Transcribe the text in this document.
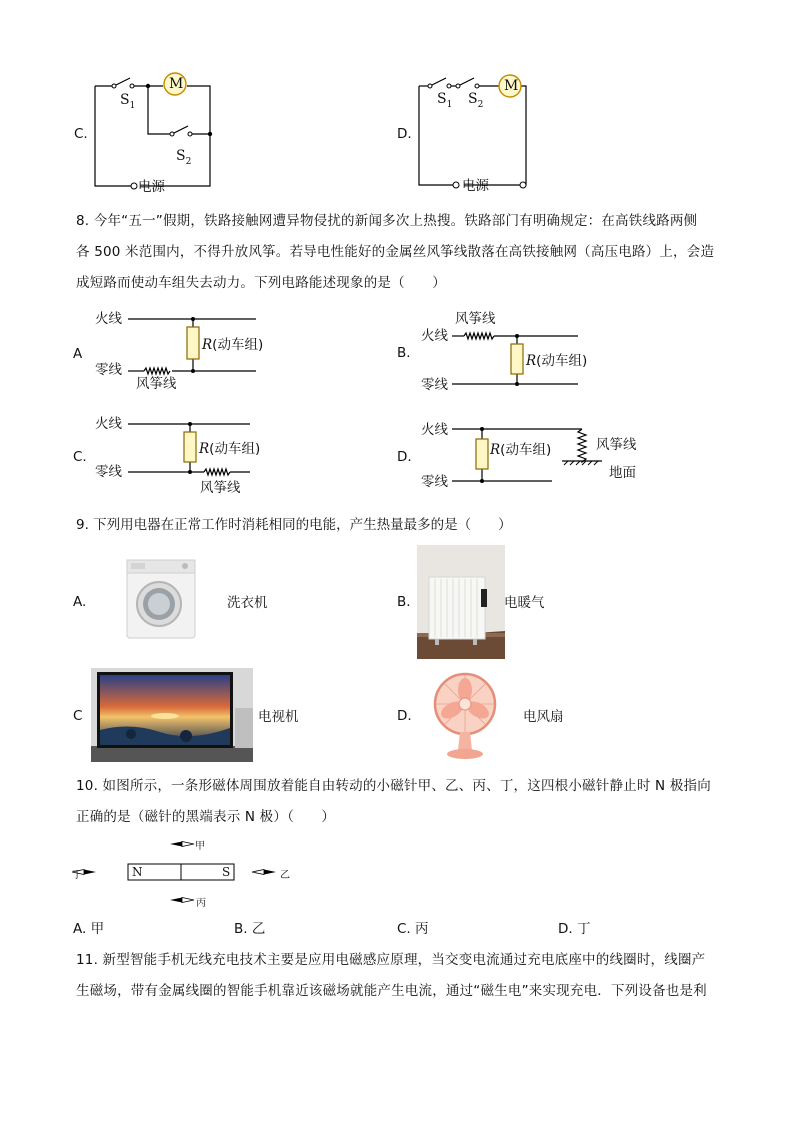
C.
M
$S_1$
$S_2$
电源
D.
M
$S_1$ $S_2$
电源
8. 今年“五一”假期，铁路接触网遭异物侵扰的新闻多次上热搜。铁路部门有明确规定：在高铁线路两侧
各 500 米范围内，不得升放风筝。若导电性能好的金属丝风筝线散落在高铁接触网（高压电路）上，会造
成短路而使动车组失去动力。下列电路能述现象的是（　　）
A
火线
零线
R(动车组)
风筝线
B.
风筝线
火线
零线
R(动车组)
C.
火线
零线
R(动车组)
风筝线
D.
火线
零线
R(动车组)	风筝线
地面
9. 下列用电器在正常工作时消耗相同的电能，产生热量最多的是（　　）
A.	洗衣机	B.	电暖气
C	电视机	D.	电风扇
10. 如图所示，一条形磁体周围放着能自由转动的小磁针甲、乙、丙、丁，这四根小磁针静止时 N 极指向
正确的是（磁针的黑端表示 N 极）（　　）
N	S
甲
丁	乙
丙
A. 甲	B. 乙	C. 丙	D. 丁
11. 新型智能手机无线充电技术主要是应用电磁感应原理，当交变电流通过充电底座中的线圈时，线圈产
生磁场，带有金属线圈的智能手机靠近该磁场就能产生电流，通过“磁生电”来实现充电．下列设备也是利
